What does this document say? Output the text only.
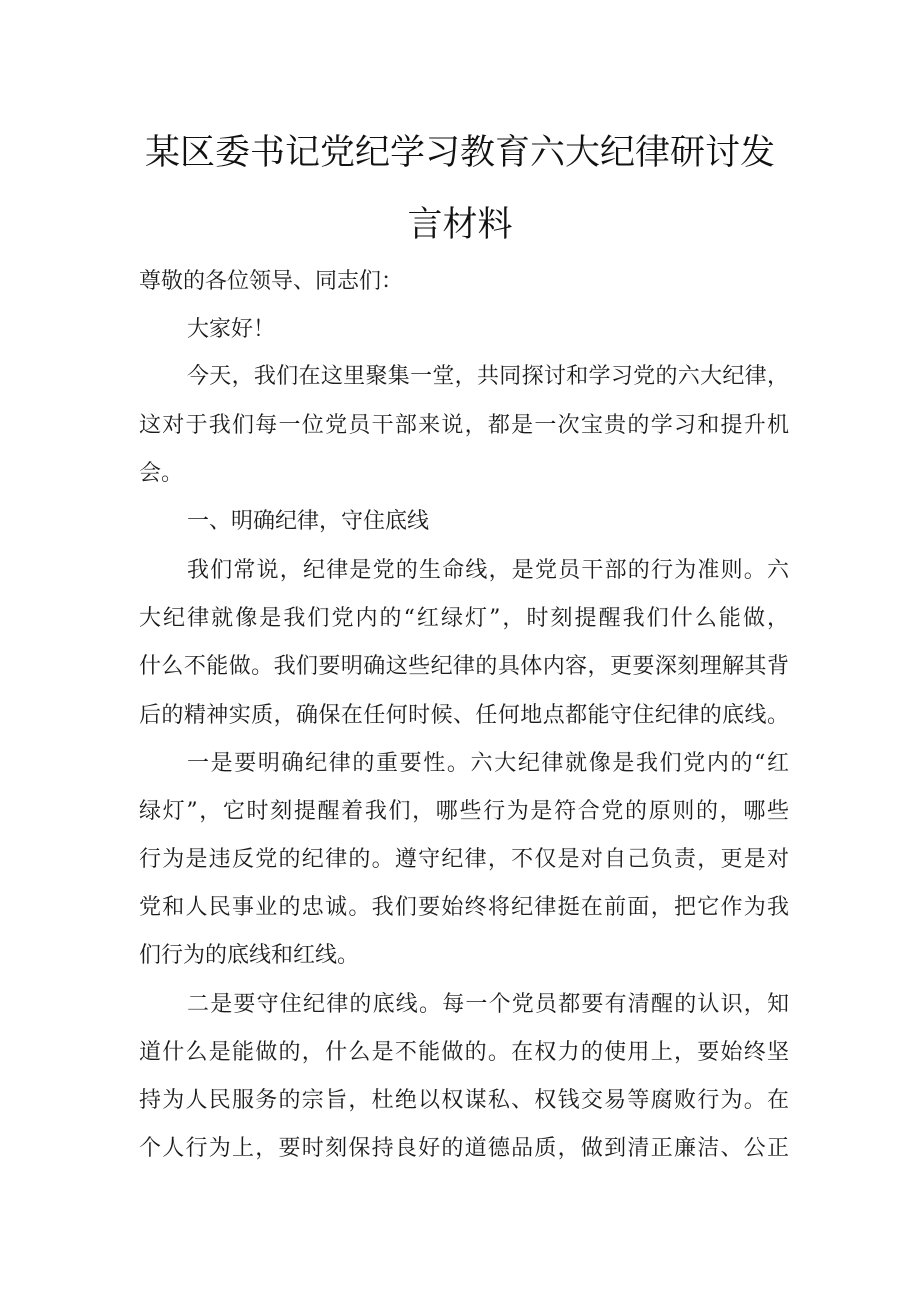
某区委书记党纪学习教育六大纪律研讨发
言材料
尊敬的各位领导、同志们：
大家好！
今天，我们在这里聚集一堂，共同探讨和学习党的六大纪律，
这对于我们每一位党员干部来说，都是一次宝贵的学习和提升机
会。
一、明确纪律，守住底线
我们常说，纪律是党的生命线，是党员干部的行为准则。六
大纪律就像是我们党内的“红绿灯”，时刻提醒我们什么能做，
什么不能做。我们要明确这些纪律的具体内容，更要深刻理解其背
后的精神实质，确保在任何时候、任何地点都能守住纪律的底线。
一是要明确纪律的重要性。六大纪律就像是我们党内的“红
绿灯”，它时刻提醒着我们，哪些行为是符合党的原则的，哪些
行为是违反党的纪律的。遵守纪律，不仅是对自己负责，更是对
党和人民事业的忠诚。我们要始终将纪律挺在前面，把它作为我
们行为的底线和红线。
二是要守住纪律的底线。每一个党员都要有清醒的认识，知
道什么是能做的，什么是不能做的。在权力的使用上，要始终坚
持为人民服务的宗旨，杜绝以权谋私、权钱交易等腐败行为。在
个人行为上，要时刻保持良好的道德品质，做到清正廉洁、公正
